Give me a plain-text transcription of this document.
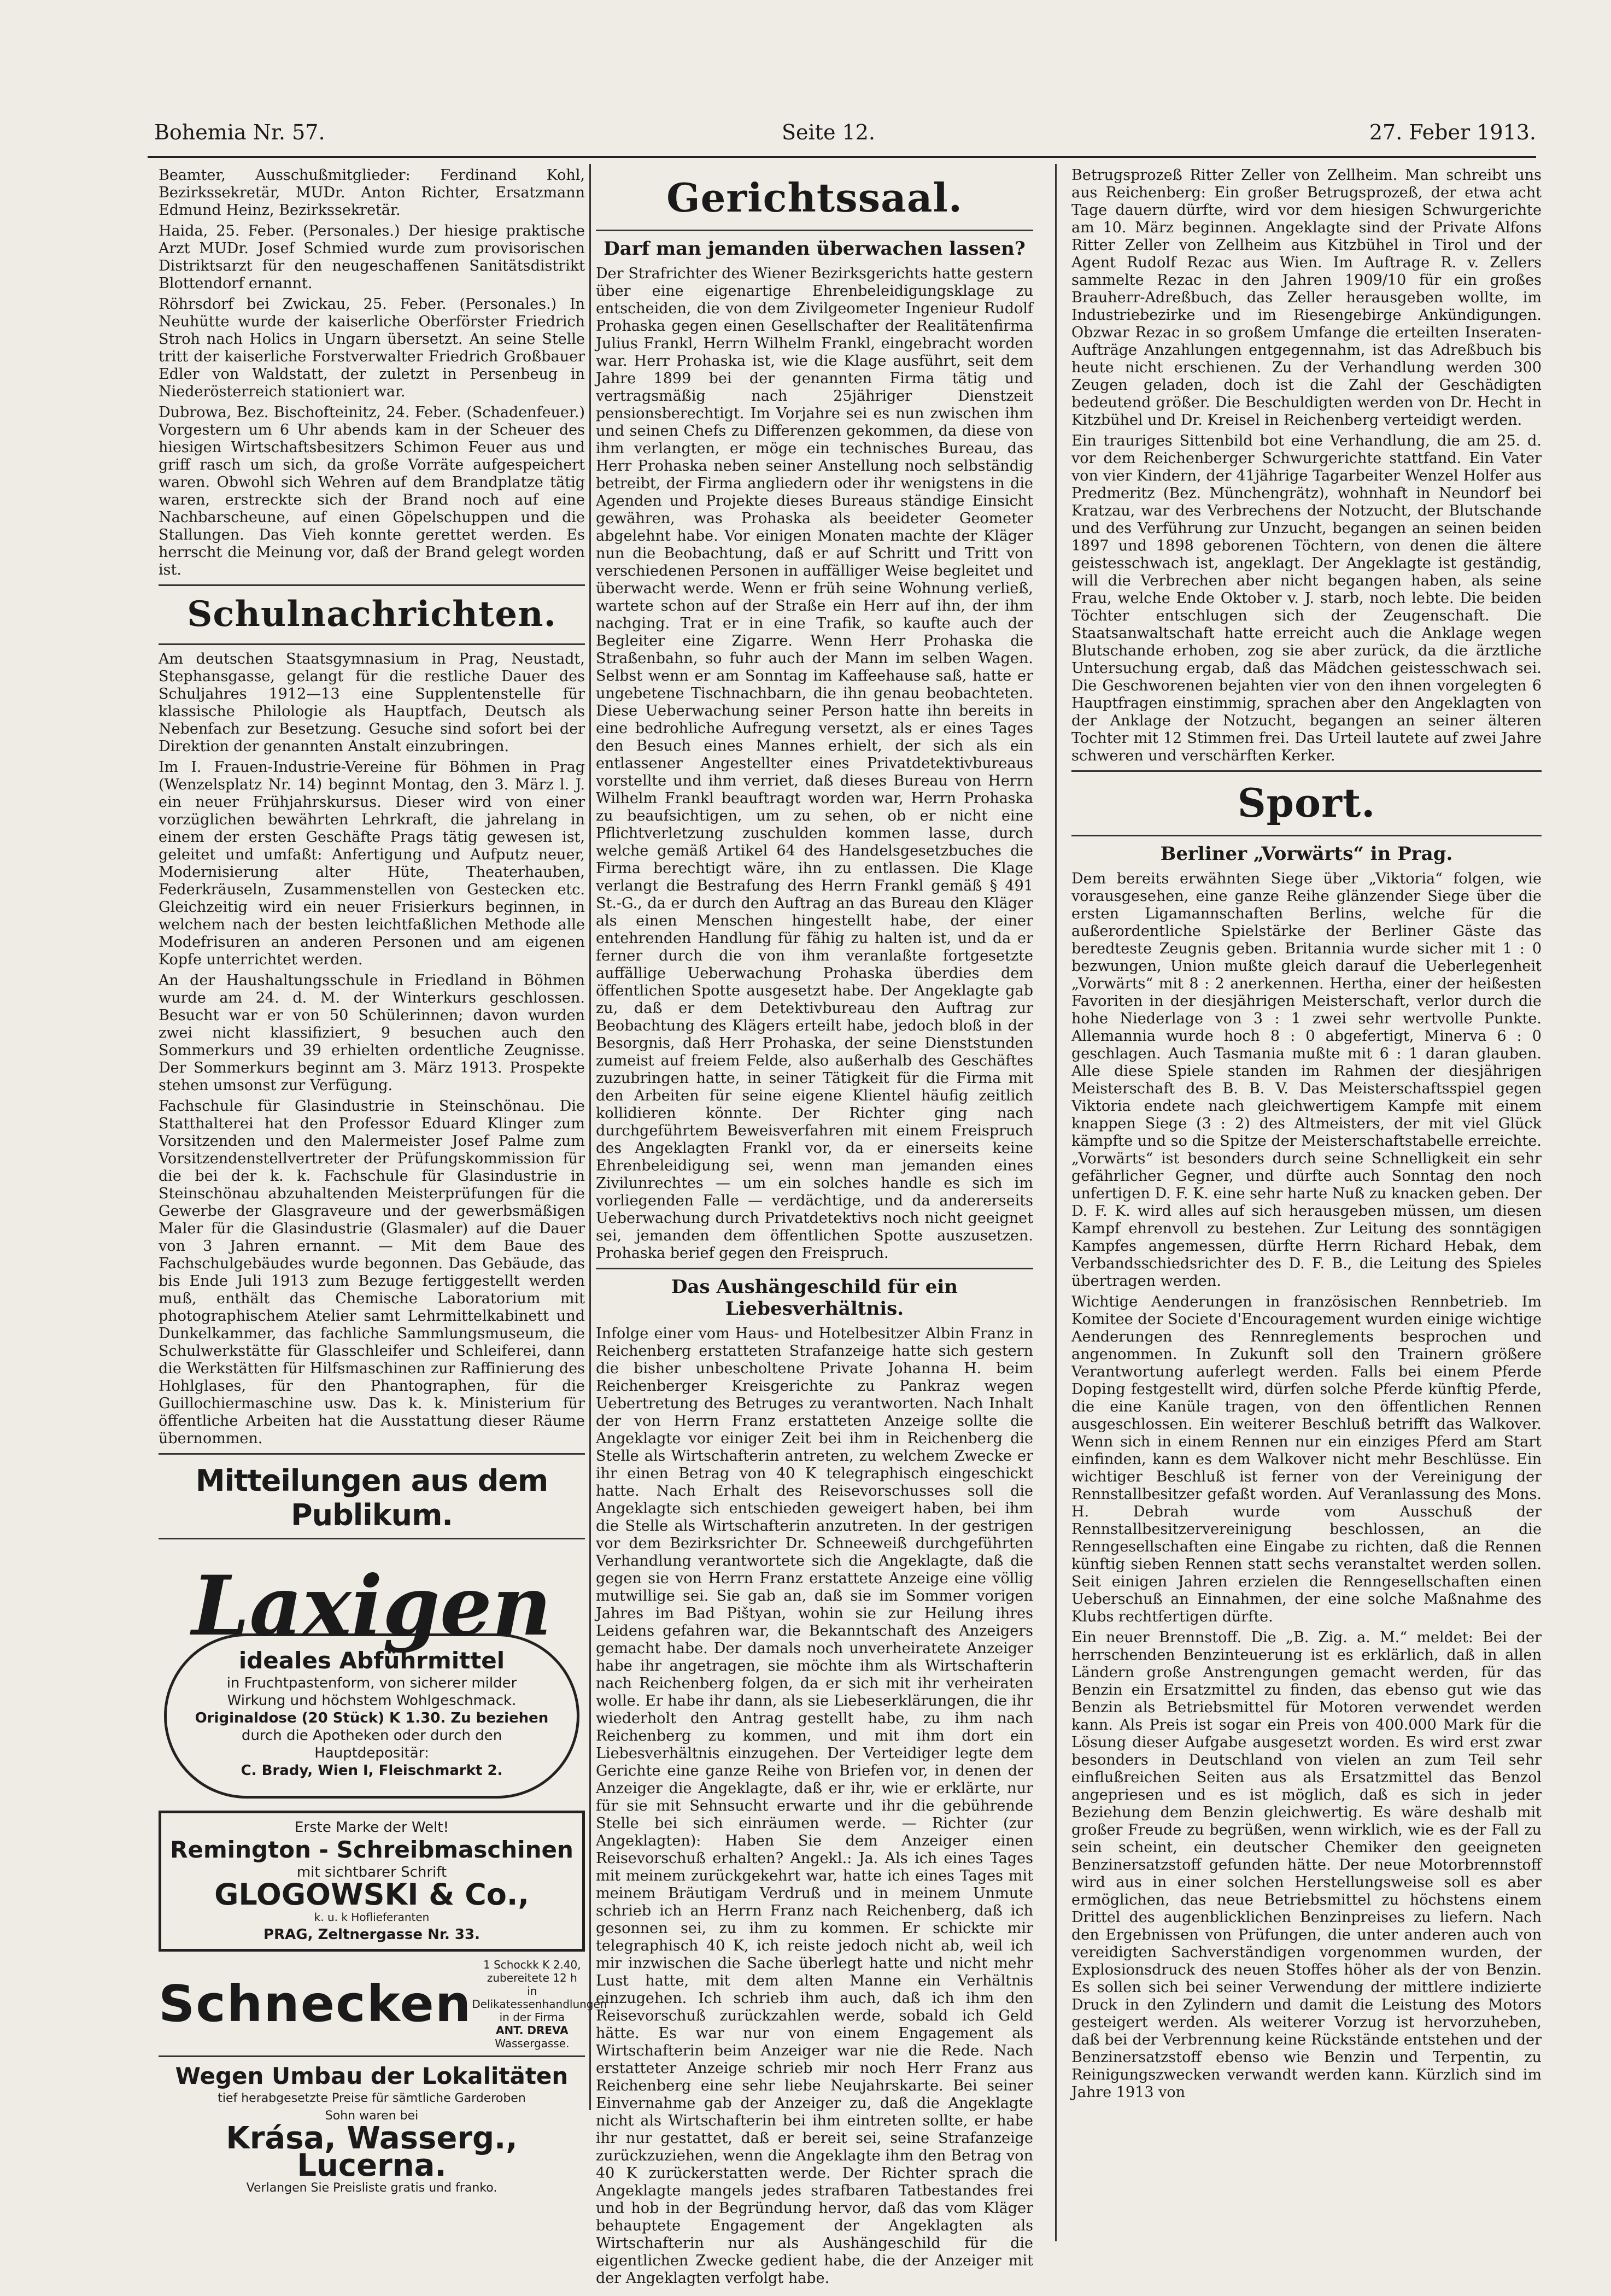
Bohemia Nr. 57.	Seite 12.	27. Feber 1913.

Beamter, Ausschußmitglieder: Ferdinand Kohl, Bezirkssekretär, MUDr. Anton Richter, Ersatzmann Edmund Heinz, Bezirkssekretär.

Haida, 25. Feber. (Personales.) Der hiesige praktische Arzt MUDr. Josef Schmied wurde zum provisorischen Distriktsarzt für den neugeschaffenen Sanitätsdistrikt Blottendorf ernannt.

Röhrsdorf bei Zwickau, 25. Feber. (Personales.) In Neuhütte wurde der kaiserliche Oberförster Friedrich Stroh nach Holics in Ungarn übersetzt. An seine Stelle tritt der kaiserliche Forstverwalter Friedrich Großbauer Edler von Waldstatt, der zuletzt in Persenbeug in Niederösterreich stationiert war.

Dubrowa, Bez. Bischofteinitz, 24. Feber. (Schadenfeuer.) Vorgestern um 6 Uhr abends kam in der Scheuer des hiesigen Wirtschaftsbesitzers Schimon Feuer aus und griff rasch um sich, da große Vorräte aufgespeichert waren. Obwohl sich Wehren auf dem Brandplatze tätig waren, erstreckte sich der Brand noch auf eine Nachbarscheune, auf einen Göpelschuppen und die Stallungen. Das Vieh konnte gerettet werden. Es herrscht die Meinung vor, daß der Brand gelegt worden ist.

Schulnachrichten.

Am deutschen Staatsgymnasium in Prag, Neustadt, Stephansgasse, gelangt für die restliche Dauer des Schuljahres 1912—13 eine Supplentenstelle für klassische Philologie als Hauptfach, Deutsch als Nebenfach zur Besetzung. Gesuche sind sofort bei der Direktion der genannten Anstalt einzubringen.

Im I. Frauen-Industrie-Vereine für Böhmen in Prag (Wenzelsplatz Nr. 14) beginnt Montag, den 3. März l. J. ein neuer Frühjahrskursus. Dieser wird von einer vorzüglichen bewährten Lehrkraft, die jahrelang in einem der ersten Geschäfte Prags tätig gewesen ist, geleitet und umfaßt: Anfertigung und Aufputz neuer, Modernisierung alter Hüte, Theaterhauben, Federkräuseln, Zusammenstellen von Gestecken etc. Gleichzeitig wird ein neuer Frisierkurs beginnen, in welchem nach der besten leichtfaßlichen Methode alle Modefrisuren an anderen Personen und am eigenen Kopfe unterrichtet werden.

An der Haushaltungsschule in Friedland in Böhmen wurde am 24. d. M. der Winterkurs geschlossen. Besucht war er von 50 Schülerinnen; davon wurden zwei nicht klassifiziert, 9 besuchen auch den Sommerkurs und 39 erhielten ordentliche Zeugnisse. Der Sommerkurs beginnt am 3. März 1913. Prospekte stehen umsonst zur Verfügung.

Fachschule für Glasindustrie in Steinschönau. Die Statthalterei hat den Professor Eduard Klinger zum Vorsitzenden und den Malermeister Josef Palme zum Vorsitzendenstellvertreter der Prüfungskommission für die bei der k. k. Fachschule für Glasindustrie in Steinschönau abzuhaltenden Meisterprüfungen für die Gewerbe der Glasgraveure und der gewerbsmäßigen Maler für die Glasindustrie (Glasmaler) auf die Dauer von 3 Jahren ernannt. — Mit dem Baue des Fachschulgebäudes wurde begonnen. Das Gebäude, das bis Ende Juli 1913 zum Bezuge fertiggestellt werden muß, enthält das Chemische Laboratorium mit photographischem Atelier samt Lehrmittelkabinett und Dunkelkammer, das fachliche Sammlungsmuseum, die Schulwerkstätte für Glasschleifer und Schleiferei, dann die Werkstätten für Hilfsmaschinen zur Raffinierung des Hohlglases, für den Phantographen, für die Guillochiermaschine usw. Das k. k. Ministerium für öffentliche Arbeiten hat die Ausstattung dieser Räume übernommen.

Mitteilungen aus dem Publikum.
Laxigen
ideales Abführmittel
in Fruchtpastenform, von sicherer milder
Wirkung und höchstem Wohlgeschmack.
Originaldose (20 Stück) K 1.30. Zu beziehen
durch die Apotheken oder durch den
Hauptdepositär:
C. Brady, Wien I, Fleischmarkt 2.
Erste Marke der Welt!
Remington - Schreibmaschinen
mit sichtbarer Schrift
GLOGOWSKI & Co.,
k. u. k Hoflieferanten
PRAG, Zeltnergasse Nr. 33.
Schnecken
1 Schockk K 2.40,
zubereitete 12 h
in Delikatessenhandlungen
in der Firma
ANT. DREVA
Wassergasse.
Wegen Umbau der Lokalitäten
tief herabgesetzte Preise für sämtliche Garderoben
Sohn waren bei
Krása, Wasserg., Lucerna.
Verlangen Sie Preisliste gratis und franko.
Gerichtssaal.
Darf man jemanden überwachen lassen?

Der Strafrichter des Wiener Bezirksgerichts hatte gestern über eine eigenartige Ehrenbeleidigungsklage zu entscheiden, die von dem Zivilgeometer Ingenieur Rudolf Prohaska gegen einen Gesellschafter der Realitätenfirma Julius Frankl, Herrn Wilhelm Frankl, eingebracht worden war. Herr Prohaska ist, wie die Klage ausführt, seit dem Jahre 1899 bei der genannten Firma tätig und vertragsmäßig nach 25jähriger Dienstzeit pensionsberechtigt. Im Vorjahre sei es nun zwischen ihm und seinen Chefs zu Differenzen gekommen, da diese von ihm verlangten, er möge ein technisches Bureau, das Herr Prohaska neben seiner Anstellung noch selbständig betreibt, der Firma angliedern oder ihr wenigstens in die Agenden und Projekte dieses Bureaus ständige Einsicht gewähren, was Prohaska als beeideter Geometer abgelehnt habe. Vor einigen Monaten machte der Kläger nun die Beobachtung, daß er auf Schritt und Tritt von verschiedenen Personen in auffälliger Weise begleitet und überwacht werde. Wenn er früh seine Wohnung verließ, wartete schon auf der Straße ein Herr auf ihn, der ihm nachging. Trat er in eine Trafik, so kaufte auch der Begleiter eine Zigarre. Wenn Herr Prohaska die Straßenbahn, so fuhr auch der Mann im selben Wagen. Selbst wenn er am Sonntag im Kaffeehause saß, hatte er ungebetene Tischnachbarn, die ihn genau beobachteten. Diese Ueberwachung seiner Person hatte ihn bereits in eine bedrohliche Aufregung versetzt, als er eines Tages den Besuch eines Mannes erhielt, der sich als ein entlassener Angestellter eines Privatdetektivbureaus vorstellte und ihm verriet, daß dieses Bureau von Herrn Wilhelm Frankl beauftragt worden war, Herrn Prohaska zu beaufsichtigen, um zu sehen, ob er nicht eine Pflichtverletzung zuschulden kommen lasse, durch welche gemäß Artikel 64 des Handelsgesetzbuches die Firma berechtigt wäre, ihn zu entlassen. Die Klage verlangt die Bestrafung des Herrn Frankl gemäß § 491 St.-G., da er durch den Auftrag an das Bureau den Kläger als einen Menschen hingestellt habe, der einer entehrenden Handlung für fähig zu halten ist, und da er ferner durch die von ihm veranlaßte fortgesetzte auffällige Ueberwachung Prohaska überdies dem öffentlichen Spotte ausgesetzt habe. Der Angeklagte gab zu, daß er dem Detektivbureau den Auftrag zur Beobachtung des Klägers erteilt habe, jedoch bloß in der Besorgnis, daß Herr Prohaska, der seine Dienststunden zumeist auf freiem Felde, also außerhalb des Geschäftes zuzubringen hatte, in seiner Tätigkeit für die Firma mit den Arbeiten für seine eigene Klientel häufig zeitlich kollidieren könnte. Der Richter ging nach durchgeführtem Beweisverfahren mit einem Freispruch des Angeklagten Frankl vor, da er einerseits keine Ehrenbeleidigung sei, wenn man jemanden eines Zivilunrechtes — um ein solches handle es sich im vorliegenden Falle — verdächtige, und da andererseits Ueberwachung durch Privatdetektivs noch nicht geeignet sei, jemanden dem öffentlichen Spotte auszusetzen. Prohaska berief gegen den Freispruch.

Das Aushängeschild für ein Liebesverhältnis.

Infolge einer vom Haus- und Hotelbesitzer Albin Franz in Reichenberg erstatteten Strafanzeige hatte sich gestern die bisher unbescholtene Private Johanna H. beim Reichenberger Kreisgerichte zu Pankraz wegen Uebertretung des Betruges zu verantworten. Nach Inhalt der von Herrn Franz erstatteten Anzeige sollte die Angeklagte vor einiger Zeit bei ihm in Reichenberg die Stelle als Wirtschafterin antreten, zu welchem Zwecke er ihr einen Betrag von 40 K telegraphisch eingeschickt hatte. Nach Erhalt des Reisevorschusses soll die Angeklagte sich entschieden geweigert haben, bei ihm die Stelle als Wirtschafterin anzutreten. In der gestrigen vor dem Bezirksrichter Dr. Schneeweiß durchgeführten Verhandlung verantwortete sich die Angeklagte, daß die gegen sie von Herrn Franz erstattete Anzeige eine völlig mutwillige sei. Sie gab an, daß sie im Sommer vorigen Jahres im Bad Pištyan, wohin sie zur Heilung ihres Leidens gefahren war, die Bekanntschaft des Anzeigers gemacht habe. Der damals noch unverheiratete Anzeiger habe ihr angetragen, sie möchte ihm als Wirtschafterin nach Reichenberg folgen, da er sich mit ihr verheiraten wolle. Er habe ihr dann, als sie Liebeserklärungen, die ihr wiederholt den Antrag gestellt habe, zu ihm nach Reichenberg zu kommen, und mit ihm dort ein Liebesverhältnis einzugehen. Der Verteidiger legte dem Gerichte eine ganze Reihe von Briefen vor, in denen der Anzeiger die Angeklagte, daß er ihr, wie er erklärte, nur für sie mit Sehnsucht erwarte und ihr die gebührende Stelle bei sich einräumen werde. — Richter (zur Angeklagten): Haben Sie dem Anzeiger einen Reisevorschuß erhalten? Angekl.: Ja. Als ich eines Tages mit meinem zurückgekehrt war, hatte ich eines Tages mit meinem Bräutigam Verdruß und in meinem Unmute schrieb ich an Herrn Franz nach Reichenberg, daß ich gesonnen sei, zu ihm zu kommen. Er schickte mir telegraphisch 40 K, ich reiste jedoch nicht ab, weil ich mir inzwischen die Sache überlegt hatte und nicht mehr Lust hatte, mit dem alten Manne ein Verhältnis einzugehen. Ich schrieb ihm auch, daß ich ihm den Reisevorschuß zurückzahlen werde, sobald ich Geld hätte. Es war nur von einem Engagement als Wirtschafterin beim Anzeiger war nie die Rede. Nach erstatteter Anzeige schrieb mir noch Herr Franz aus Reichenberg eine sehr liebe Neujahrskarte. Bei seiner Einvernahme gab der Anzeiger zu, daß die Angeklagte nicht als Wirtschafterin bei ihm eintreten sollte, er habe ihr nur gestattet, daß er bereit sei, seine Strafanzeige zurückzuziehen, wenn die Angeklagte ihm den Betrag von 40 K zurückerstatten werde. Der Richter sprach die Angeklagte mangels jedes strafbaren Tatbestandes frei und hob in der Begründung hervor, daß das vom Kläger behauptete Engagement der Angeklagten als Wirtschafterin nur als Aushängeschild für die eigentlichen Zwecke gedient habe, die der Anzeiger mit der Angeklagten verfolgt habe.

Betrugsprozeß Ritter Zeller von Zellheim. Man schreibt uns aus Reichenberg: Ein großer Betrugsprozeß, der etwa acht Tage dauern dürfte, wird vor dem hiesigen Schwurgerichte am 10. März beginnen. Angeklagte sind der Private Alfons Ritter Zeller von Zellheim aus Kitzbühel in Tirol und der Agent Rudolf Rezac aus Wien. Im Auftrage R. v. Zellers sammelte Rezac in den Jahren 1909/10 für ein großes Brauherr-Adreßbuch, das Zeller herausgeben wollte, im Industriebezirke und im Riesengebirge Ankündigungen. Obzwar Rezac in so großem Umfange die erteilten Inseraten-Aufträge Anzahlungen entgegennahm, ist das Adreßbuch bis heute nicht erschienen. Zu der Verhandlung werden 300 Zeugen geladen, doch ist die Zahl der Geschädigten bedeutend größer. Die Beschuldigten werden von Dr. Hecht in Kitzbühel und Dr. Kreisel in Reichenberg verteidigt werden.

Ein trauriges Sittenbild bot eine Verhandlung, die am 25. d. vor dem Reichenberger Schwurgerichte stattfand. Ein Vater von vier Kindern, der 41jährige Tagarbeiter Wenzel Holfer aus Predmeritz (Bez. Münchengrätz), wohnhaft in Neundorf bei Kratzau, war des Verbrechens der Notzucht, der Blutschande und des Verführung zur Unzucht, begangen an seinen beiden 1897 und 1898 geborenen Töchtern, von denen die ältere geistesschwach ist, angeklagt. Der Angeklagte ist geständig, will die Verbrechen aber nicht begangen haben, als seine Frau, welche Ende Oktober v. J. starb, noch lebte. Die beiden Töchter entschlugen sich der Zeugenschaft. Die Staatsanwaltschaft hatte erreicht auch die Anklage wegen Blutschande erhoben, zog sie aber zurück, da die ärztliche Untersuchung ergab, daß das Mädchen geistesschwach sei. Die Geschworenen bejahten vier von den ihnen vorgelegten 6 Hauptfragen einstimmig, sprachen aber den Angeklagten von der Anklage der Notzucht, begangen an seiner älteren Tochter mit 12 Stimmen frei. Das Urteil lautete auf zwei Jahre schweren und verschärften Kerker.

Sport.
Berliner „Vorwärts“ in Prag.

Dem bereits erwähnten Siege über „Viktoria“ folgen, wie vorausgesehen, eine ganze Reihe glänzender Siege über die ersten Ligamannschaften Berlins, welche für die außerordentliche Spielstärke der Berliner Gäste das beredteste Zeugnis geben. Britannia wurde sicher mit 1 : 0 bezwungen, Union mußte gleich darauf die Ueberlegenheit „Vorwärts“ mit 8 : 2 anerkennen. Hertha, einer der heißesten Favoriten in der diesjährigen Meisterschaft, verlor durch die hohe Niederlage von 3 : 1 zwei sehr wertvolle Punkte. Allemannia wurde hoch 8 : 0 abgefertigt, Minerva 6 : 0 geschlagen. Auch Tasmania mußte mit 6 : 1 daran glauben. Alle diese Spiele standen im Rahmen der diesjährigen Meisterschaft des B. B. V. Das Meisterschaftsspiel gegen Viktoria endete nach gleichwertigem Kampfe mit einem knappen Siege (3 : 2) des Altmeisters, der mit viel Glück kämpfte und so die Spitze der Meisterschaftstabelle erreichte. „Vorwärts“ ist besonders durch seine Schnelligkeit ein sehr gefährlicher Gegner, und dürfte auch Sonntag den noch unfertigen D. F. K. eine sehr harte Nuß zu knacken geben. Der D. F. K. wird alles auf sich herausgeben müssen, um diesen Kampf ehrenvoll zu bestehen. Zur Leitung des sonntägigen Kampfes angemessen, dürfte Herrn Richard Hebak, dem Verbandsschiedsrichter des D. F. B., die Leitung des Spieles übertragen werden.

Wichtige Aenderungen in französischen Rennbetrieb. Im Komitee der Societe d'Encouragement wurden einige wichtige Aenderungen des Rennreglements besprochen und angenommen. In Zukunft soll den Trainern größere Verantwortung auferlegt werden. Falls bei einem Pferde Doping festgestellt wird, dürfen solche Pferde künftig Pferde, die eine Kanüle tragen, von den öffentlichen Rennen ausgeschlossen. Ein weiterer Beschluß betrifft das Walkover. Wenn sich in einem Rennen nur ein einziges Pferd am Start einfinden, kann es dem Walkover nicht mehr Beschlüsse. Ein wichtiger Beschluß ist ferner von der Vereinigung der Rennstallbesitzer gefaßt worden. Auf Veranlassung des Mons. H. Debrah wurde vom Ausschuß der Rennstallbesitzervereinigung beschlossen, an die Renngesellschaften eine Eingabe zu richten, daß die Rennen künftig sieben Rennen statt sechs veranstaltet werden sollen. Seit einigen Jahren erzielen die Renngesellschaften einen Ueberschuß an Einnahmen, der eine solche Maßnahme des Klubs rechtfertigen dürfte.

Ein neuer Brennstoff. Die „B. Zig. a. M.“ meldet: Bei der herrschenden Benzinteuerung ist es erklärlich, daß in allen Ländern große Anstrengungen gemacht werden, für das Benzin ein Ersatzmittel zu finden, das ebenso gut wie das Benzin als Betriebsmittel für Motoren verwendet werden kann. Als Preis ist sogar ein Preis von 400.000 Mark für die Lösung dieser Aufgabe ausgesetzt worden. Es wird erst zwar besonders in Deutschland von vielen an zum Teil sehr einflußreichen Seiten aus als Ersatzmittel das Benzol angepriesen und es ist möglich, daß es sich in jeder Beziehung dem Benzin gleichwertig. Es wäre deshalb mit großer Freude zu begrüßen, wenn wirklich, wie es der Fall zu sein scheint, ein deutscher Chemiker den geeigneten Benzinersatzstoff gefunden hätte. Der neue Motorbrennstoff wird aus in einer solchen Herstellungsweise soll es aber ermöglichen, das neue Betriebsmittel zu höchstens einem Drittel des augenblicklichen Benzinpreises zu liefern. Nach den Ergebnissen von Prüfungen, die unter anderen auch von vereidigten Sachverständigen vorgenommen wurden, der Explosionsdruck des neuen Stoffes höher als der von Benzin. Es sollen sich bei seiner Verwendung der mittlere indizierte Druck in den Zylindern und damit die Leistung des Motors gesteigert werden. Als weiterer Vorzug ist hervorzuheben, daß bei der Verbrennung keine Rückstände entstehen und der Benzinersatzstoff ebenso wie Benzin und Terpentin, zu Reinigungszwecken verwandt werden kann. Kürzlich sind im Jahre 1913 von
